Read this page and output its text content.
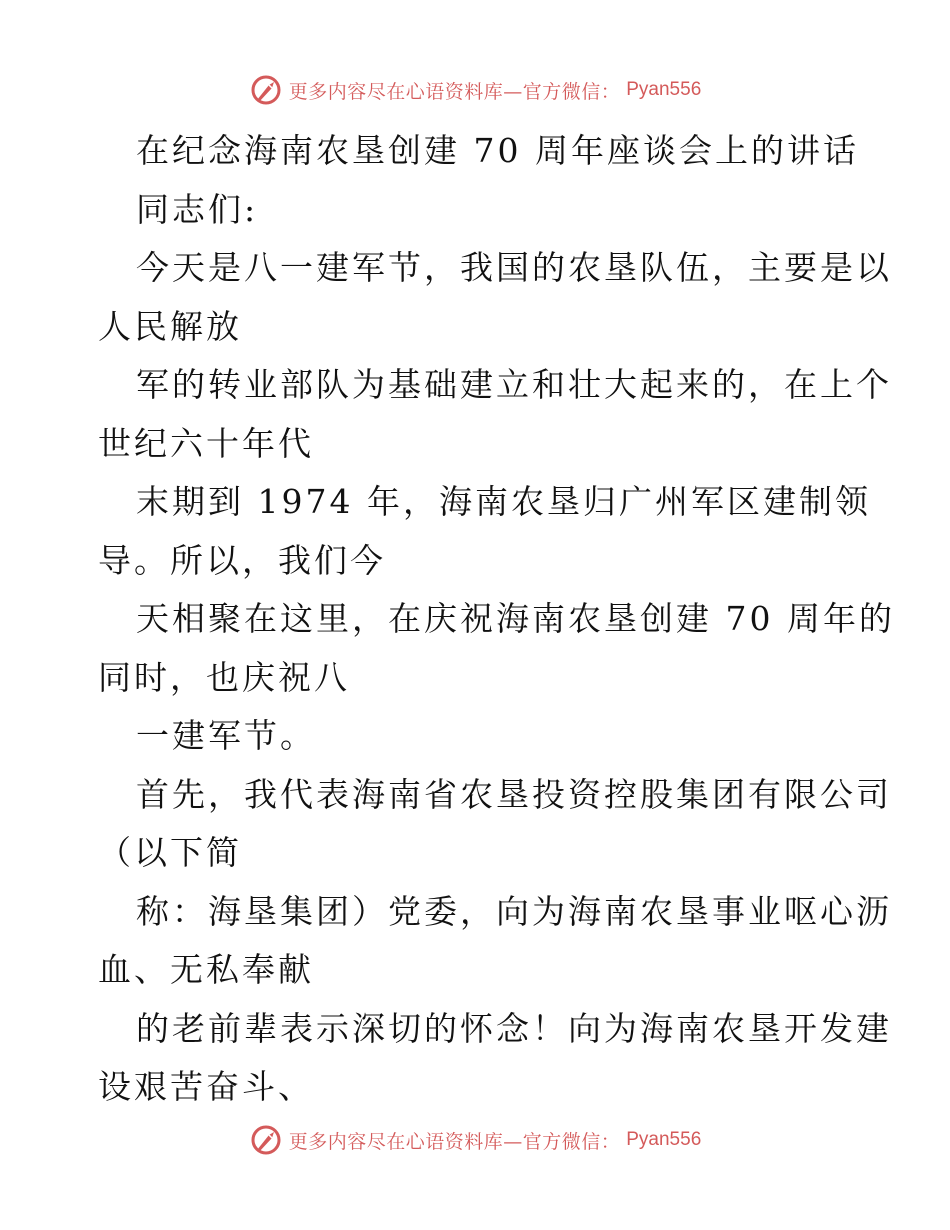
更多内容尽在心语资料库—官方微信： Pyan556
在纪念海南农垦创建 70 周年座谈会上的讲话
同志们:
今天是八一建军节，我国的农垦队伍，主要是以
人民解放
军的转业部队为基础建立和壮大起来的，在上个
世纪六十年代
末期到 1974 年，海南农垦归广州军区建制领
导。所以，我们今
天相聚在这里，在庆祝海南农垦创建 70 周年的
同时，也庆祝八
一建军节。
首先，我代表海南省农垦投资控股集团有限公司
（以下简
称：海垦集团）党委，向为海南农垦事业呕心沥
血、无私奉献
的老前辈表示深切的怀念！向为海南农垦开发建
设艰苦奋斗、
更多内容尽在心语资料库—官方微信： Pyan556
